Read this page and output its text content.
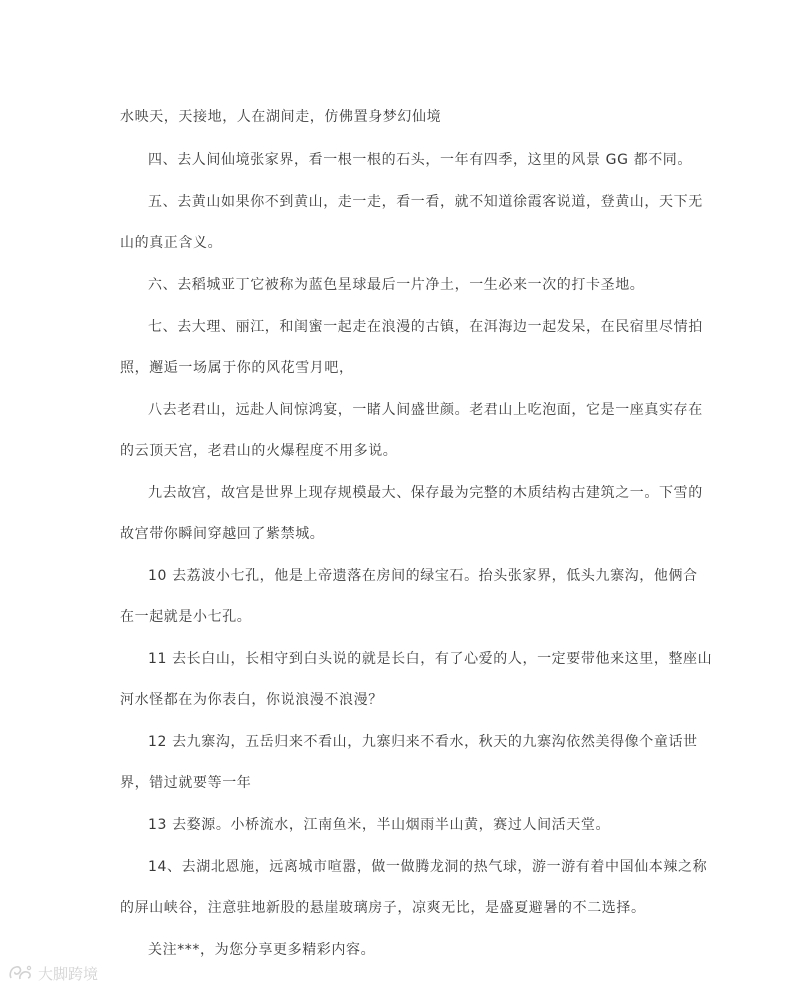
水映天，天接地，人在湖间走，仿佛置身梦幻仙境
四、去人间仙境张家界，看一根一根的石头，一年有四季，这里的风景 GG 都不同。
五、去黄山如果你不到黄山，走一走，看一看，就不知道徐霞客说道，登黄山，天下无
山的真正含义。
六、去稻城亚丁它被称为蓝色星球最后一片净土，一生必来一次的打卡圣地。
七、去大理、丽江，和闺蜜一起走在浪漫的古镇，在洱海边一起发呆，在民宿里尽情拍
照，邂逅一场属于你的风花雪月吧，
八去老君山，远赴人间惊鸿宴，一睹人间盛世颜。老君山上吃泡面，它是一座真实存在
的云顶天宫，老君山的火爆程度不用多说。
九去故宫，故宫是世界上现存规模最大、保存最为完整的木质结构古建筑之一。下雪的
故宫带你瞬间穿越回了紫禁城。
10 去荔波小七孔，他是上帝遗落在房间的绿宝石。抬头张家界，低头九寨沟，他俩合
在一起就是小七孔。
11 去长白山，长相守到白头说的就是长白，有了心爱的人，一定要带他来这里，整座山
河水怪都在为你表白，你说浪漫不浪漫？
12 去九寨沟，五岳归来不看山，九寨归来不看水，秋天的九寨沟依然美得像个童话世
界，错过就要等一年
13 去婺源。小桥流水，江南鱼米，半山烟雨半山黄，赛过人间活天堂。
14、去湖北恩施，远离城市喧嚣，做一做腾龙洞的热气球，游一游有着中国仙本辣之称
的屏山峡谷，注意驻地新股的悬崖玻璃房子，凉爽无比，是盛夏避暑的不二选择。
关注***，为您分享更多精彩内容。
大脚跨境
